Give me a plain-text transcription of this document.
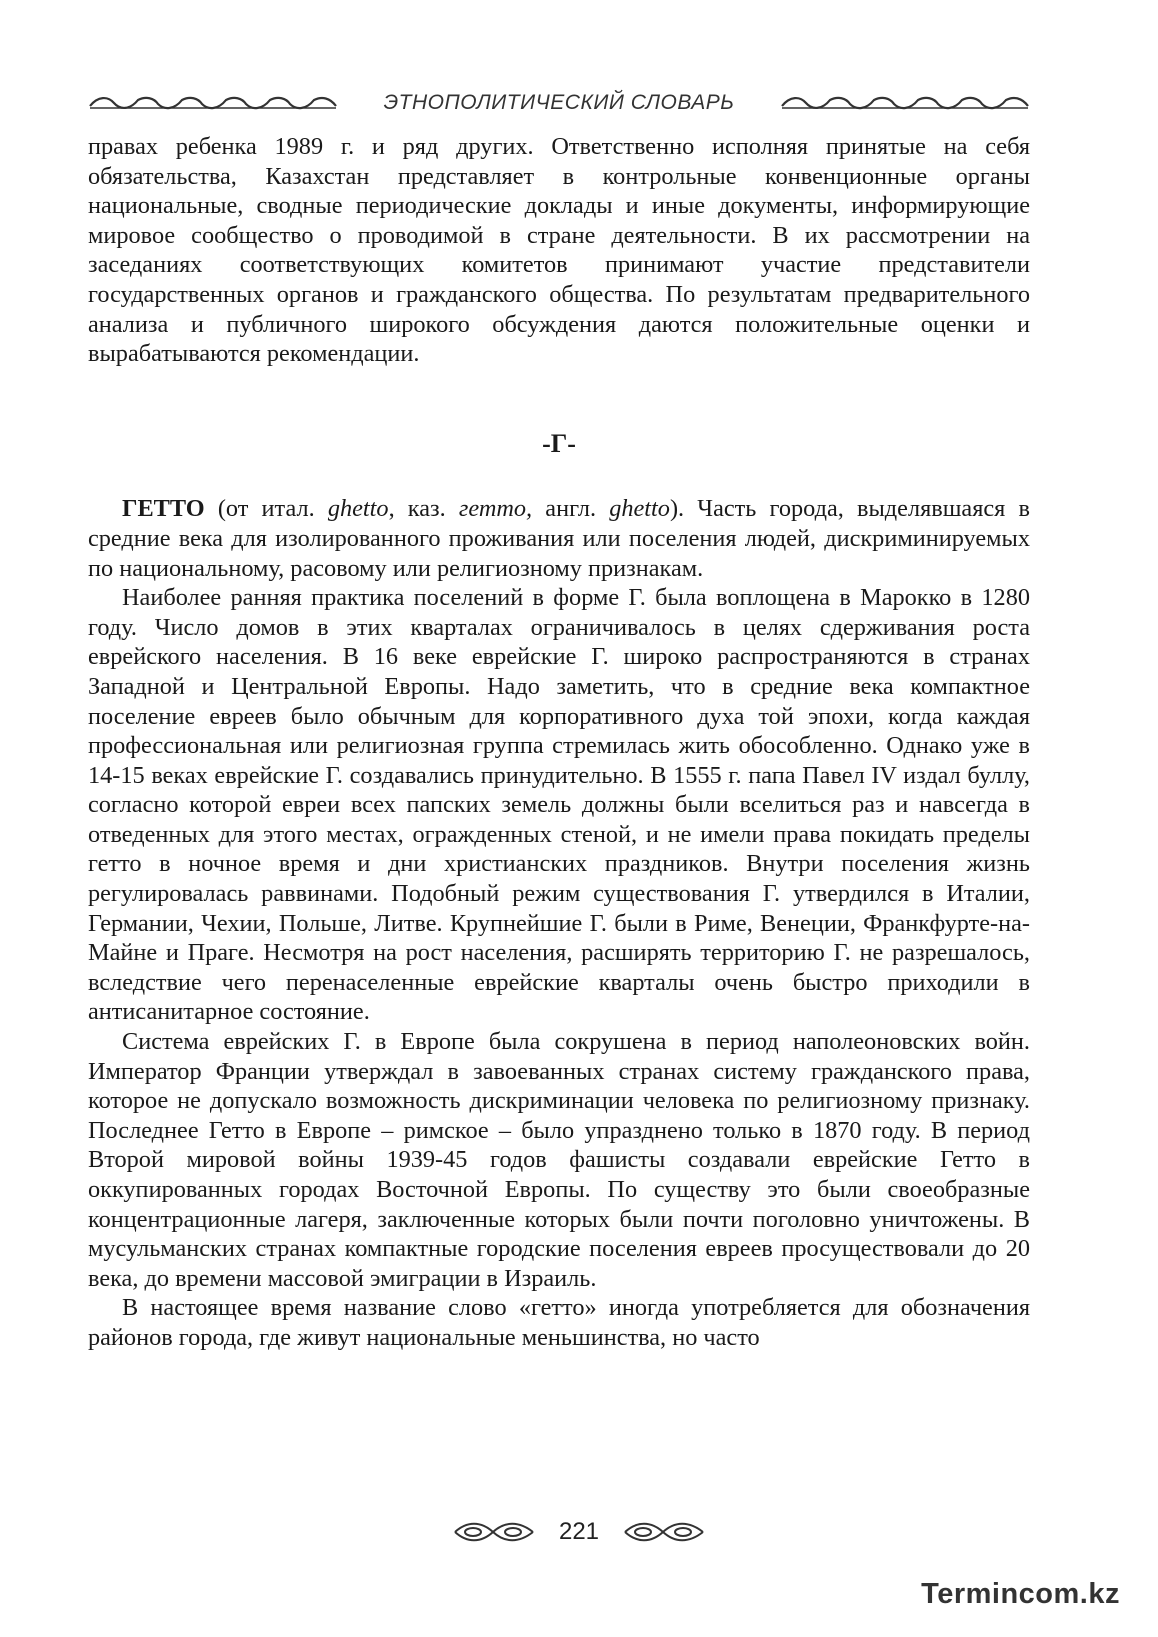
ЭТНОПОЛИТИЧЕСКИЙ СЛОВАРЬ

правах ребенка 1989 г. и ряд других. Ответственно исполняя принятые на себя обязательства, Казахстан представляет в контрольные конвенционные органы национальные, сводные периодические доклады и иные документы, информирующие мировое сообщество о проводимой в стране деятельности. В их рассмотрении на заседаниях соответствующих комитетов принимают участие представители государственных органов и гражданского общества. По результатам предварительного анализа и публичного широкого обсуждения даются положительные оценки и вырабатываются рекомендации.

-Г-

ГЕТТО (от итал. ghetto, каз. гетто, англ. ghetto). Часть города, выделявшаяся в средние века для изолированного проживания или поселения людей, дискриминируемых по национальному, расовому или религиозному признакам.

Наиболее ранняя практика поселений в форме Г. была воплощена в Марокко в 1280 году. Число домов в этих кварталах ограничивалось в целях сдерживания роста еврейского населения. В 16 веке еврейские Г. широко распространяются в странах Западной и Центральной Европы. Надо заметить, что в средние века компактное поселение евреев было обычным для корпоративного духа той эпохи, когда каждая профессиональная или религиозная группа стремилась жить обособленно. Однако уже в 14-15 веках еврейские Г. создавались принудительно. В 1555 г. папа Павел IV издал буллу, согласно которой евреи всех папских земель должны были вселиться раз и навсегда в отведенных для этого местах, огражденных стеной, и не имели права покидать пределы гетто в ночное время и дни христианских праздников. Внутри поселения жизнь регулировалась раввинами. Подобный режим существования Г. утвердился в Италии, Германии, Чехии, Польше, Литве. Крупнейшие Г. были в Риме, Венеции, Франкфурте-на-Майне и Праге. Несмотря на рост населения, расширять территорию Г. не разрешалось, вследствие чего перенаселенные еврейские кварталы очень быстро приходили в антисанитарное состояние.

Система еврейских Г. в Европе была сокрушена в период наполеоновских войн. Император Франции утверждал в завоеванных странах систему гражданского права, которое не допускало возможность дискриминации человека по религиозному признаку. Последнее Гетто в Европе – римское – было упразднено только в 1870 году. В период Второй мировой войны 1939-45 годов фашисты создавали еврейские Гетто в оккупированных городах Восточной Европы. По существу это были своеобразные концентрационные лагеря, заключенные которых были почти поголовно уничтожены. В мусульманских странах компактные городские поселения евреев просуществовали до 20 века, до времени массовой эмиграции в Израиль.

В настоящее время название слово «гетто» иногда употребляется для обозначения районов города, где живут национальные меньшинства, но часто

221
Termincom.kz
